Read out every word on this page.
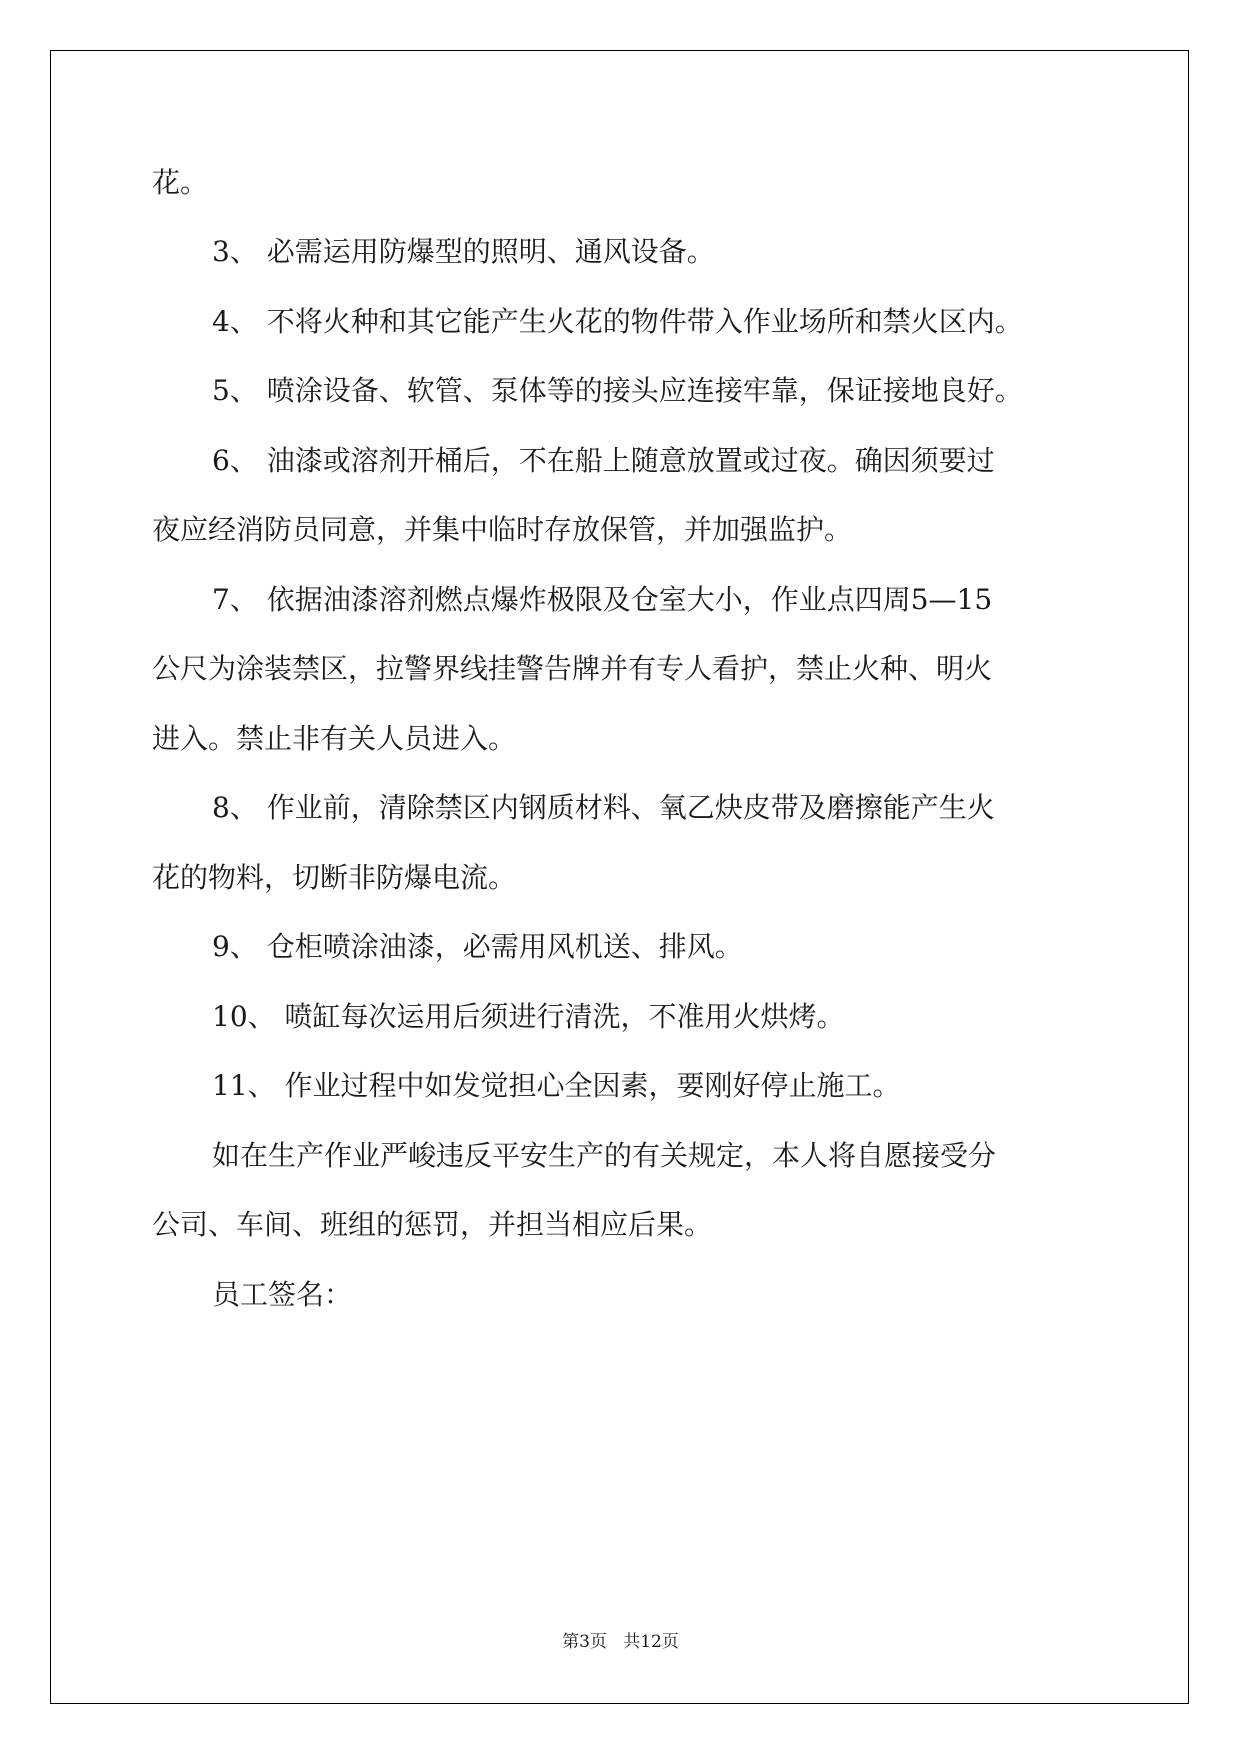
花。
3、 必需运用防爆型的照明、通风设备。
4、 不将火种和其它能产生火花的物件带入作业场所和禁火区内。
5、 喷涂设备、软管、泵体等的接头应连接牢靠，保证接地良好。
6、 油漆或溶剂开桶后，不在船上随意放置或过夜。确因须要过
夜应经消防员同意，并集中临时存放保管，并加强监护。
7、 依据油漆溶剂燃点爆炸极限及仓室大小，作业点四周5—15
公尺为涂装禁区，拉警界线挂警告牌并有专人看护，禁止火种、明火
进入。禁止非有关人员进入。
8、 作业前，清除禁区内钢质材料、氧乙炔皮带及磨擦能产生火
花的物料，切断非防爆电流。
9、 仓柜喷涂油漆，必需用风机送、排风。
10、 喷缸每次运用后须进行清洗，不准用火烘烤。
11、 作业过程中如发觉担心全因素，要刚好停止施工。
如在生产作业严峻违反平安生产的有关规定，本人将自愿接受分
公司、车间、班组的惩罚，并担当相应后果。
员工签名：
第3页 共12页
